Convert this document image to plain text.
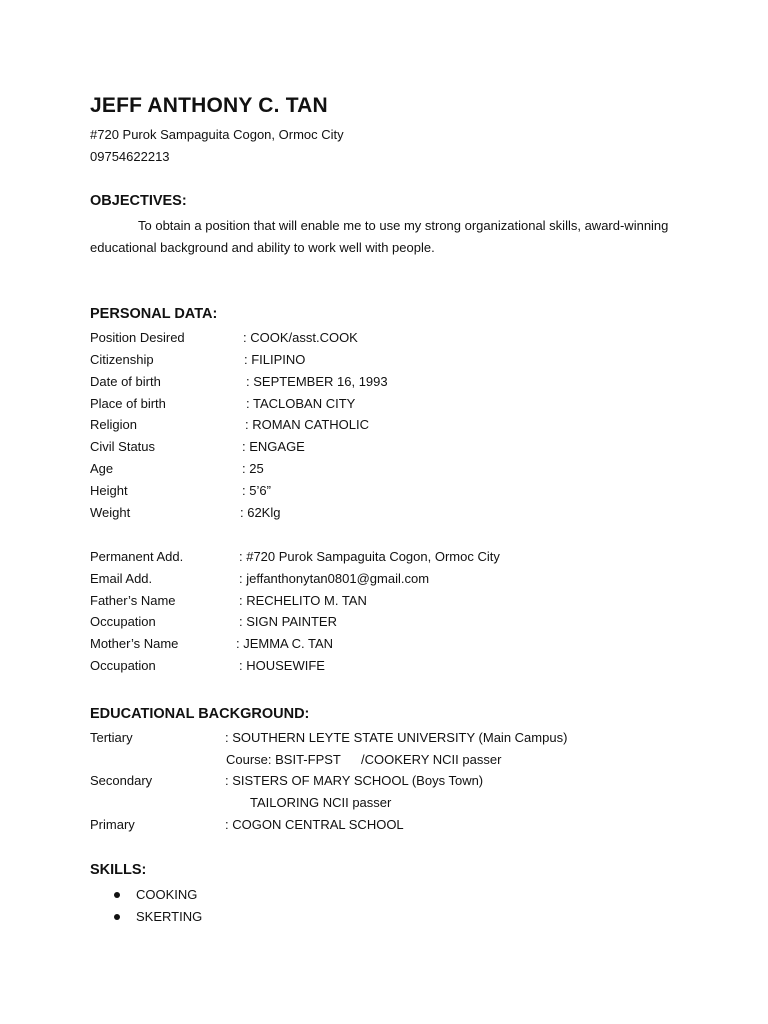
JEFF ANTHONY C. TAN
#720 Purok Sampaguita Cogon, Ormoc City
09754622213
OBJECTIVES:
To obtain a position that will enable me to use my strong organizational skills, award-winning educational background and ability to work well with people.
PERSONAL DATA:
Position Desired	: COOK/asst.COOK
Citizenship	: FILIPINO
Date of birth	: SEPTEMBER 16, 1993
Place of birth	: TACLOBAN CITY
Religion	: ROMAN CATHOLIC
Civil Status	: ENGAGE
Age	: 25
Height	: 5’6”
Weight	: 62Klg
Permanent Add.	: #720 Purok Sampaguita Cogon, Ormoc City
Email Add.	: jeffanthonytan0801@gmail.com
Father’s Name	: RECHELITO M. TAN
Occupation	: SIGN PAINTER
Mother’s Name	: JEMMA C. TAN
Occupation	: HOUSEWIFE
EDUCATIONAL BACKGROUND:
Tertiary	: SOUTHERN LEYTE STATE UNIVERSITY (Main Campus)
Course: BSIT-FPST /COOKERY NCII passer
Secondary	: SISTERS OF MARY SCHOOL (Boys Town)
TAILORING NCII passer
Primary	: COGON CENTRAL SCHOOL
SKILLS:
COOKING
SKERTING
